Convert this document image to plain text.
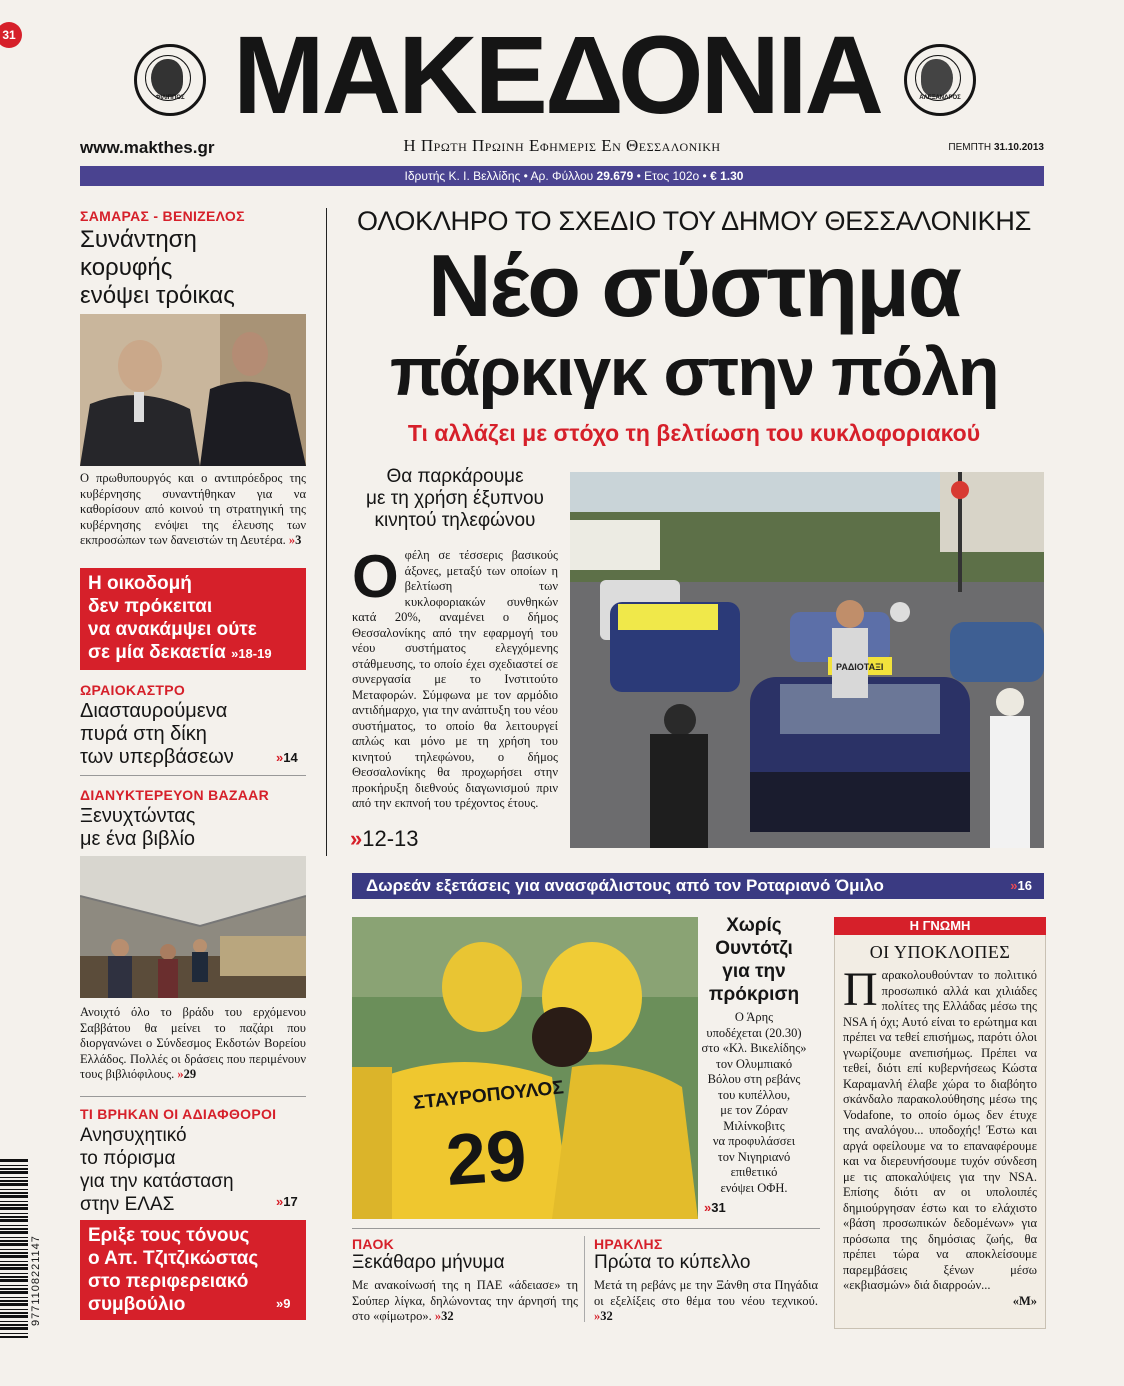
31
ΦΙΛΙΠΠΟΣ ΜΑΚΕΔΟΝΙΑ	ΑΛΕΞΑΝΔΡΟΣ
www.makthes.gr	Η Πρωτη Πρωινη Εφημερις Εν Θεσσαλονικη	ΠΕΜΠΤΗ 31.10.2013
Ιδρυτής Κ. Ι. Βελλίδης • Αρ. Φύλλου 29.679 • Ετος 102ο • € 1.30
ΣΑΜΑΡΑΣ - ΒΕΝΙΖΕΛΟΣ
Συνάντηση
κορυφής
ενόψει τρόικας
Ο πρωθυπουργός και ο αντιπρόεδρος της κυβέρνησης συναντήθηκαν για να καθορίσουν από κοινού τη στρατηγική της κυβέρνησης ενόψει της έλευσης των εκπροσώπων των δανειστών τη Δευτέρα. »3
Η οικοδομή
δεν πρόκειται
να ανακάμψει ούτε
σε μία δεκαετία »18-19
ΩΡΑΙΟΚΑΣΤΡΟ
Διασταυρούμενα
πυρά στη δίκη
των υπερβάσεων	»14
ΔΙΑΝΥΚΤΕΡΕΥΟΝ BAZAAR
Ξενυχτώντας
με ένα βιβλίο
Ανοιχτό όλο το βράδυ του ερχόμενου Σαββάτου θα μείνει το παζάρι που διοργανώνει ο Σύνδεσμος Εκδοτών Βορείου Ελλάδος. Πολλές οι δράσεις που περιμένουν τους βιβλιόφιλους. »29
ΤΙ ΒΡΗΚΑΝ ΟΙ ΑΔΙΑΦΘΟΡΟΙ
Ανησυχητικό
το πόρισμα
για την κατάσταση
στην ΕΛΑΣ	»17
Εριξε τους τόνους
ο Απ. Τζιτζικώστας
στο περιφερειακό
συμβούλιο	»9
9771108221147
ΟΛΟΚΛΗΡΟ ΤΟ ΣΧΕΔΙΟ ΤΟΥ ΔΗΜΟΥ ΘΕΣΣΑΛΟΝΙΚΗΣ
Νέο σύστημα
πάρκιγκ στην πόλη
Τι αλλάζει με στόχο τη βελτίωση του κυκλοφοριακού
Θα παρκάρουμε
με τη χρήση έξυπνου
κινητού τηλεφώνου
Ο φέλη σε τέσσερις βασικούς άξονες, μεταξύ των οποίων η βελτίωση των κυκλοφοριακών συνθηκών κατά 20%, αναμένει ο δήμος Θεσσαλονίκης από την εφαρμογή του νέου συστήματος ελεγχόμενης στάθμευσης, το οποίο έχει σχεδιαστεί σε συνεργασία με το Ινστιτούτο Μεταφορών. Σύμφωνα με τον αρμόδιο αντιδήμαρχο, για την ανάπτυξη του νέου συστήματος, το οποίο θα λειτουργεί απλώς και μόνο με τη χρήση του κινητού τηλεφώνου, ο δήμος Θεσσαλονίκης θα προχωρήσει στην προκήρυξη διεθνούς διαγωνισμού πριν από την εκπνοή του τρέχοντος έτους.
»12-13
ΡΑΔΙΟΤΑΞΙ
Δωρεάν εξετάσεις για ανασφάλιστους από τον Ροταριανό Όμιλο	»16
ΣΤΑΥΡΟΠΟΥΛΟΣ
29
Χωρίς
Ουντότζι
για την
πρόκριση
Ο Άρης
υποδέχεται (20.30)
στο «Κλ. Βικελίδης»
τον Ολυμπιακό
Βόλου στη ρεβάνς
του κυπέλλου,
με τον Ζόραν
Μιλίνκοβιτς
να προφυλάσσει
τον Νιγηριανό
επιθετικό
ενόψει ΟΦΗ.
»31
ΠΑΟΚ
Ξεκάθαρο μήνυμα
Με ανακοίνωσή της η ΠΑΕ «άδειασε» τη Σούπερ λίγκα, δηλώνοντας την άρνησή της στο «φίμωτρο». »32
ΗΡΑΚΛΗΣ
Πρώτα το κύπελλο
Μετά τη ρεβάνς με την Ξάνθη στα Πηγάδια οι εξελίξεις στο θέμα του νέου τεχνικού. »32
Η ΓΝΩΜΗ
ΟΙ ΥΠΟΚΛΟΠΕΣ
Π αρακολουθούνταν το πολιτικό προσωπικό αλλά και χιλιάδες πολίτες της Ελλάδας μέσω της NSA ή όχι; Αυτό είναι το ερώτημα και πρέπει να τεθεί επισήμως, παρότι όλοι γνωρίζουμε ανεπισήμως. Πρέπει να τεθεί, διότι επί κυβερνήσεως Κώστα Καραμανλή έλαβε χώρα το διαβόητο σκάνδαλο παρακολούθησης μέσω της Vodafone, το οποίο όμως δεν έτυχε της αναλόγου... υποδοχής! Έστω και αργά οφείλουμε να το επαναφέρουμε και να διερευνήσουμε τυχόν σύνδεση με τις αποκαλύψεις για την NSA. Επίσης διότι αν οι υπολοιπές δημιούργησαν έστω και το ελάχιστο «βάση προσωπικών δεδομένων» για πρόσωπα της δημόσιας ζωής, θα πρέπει τώρα να αποκλείσουμε παρεμβάσεις ξένων μέσω «εκβιασμών» διά διαρροών...
«Μ»
